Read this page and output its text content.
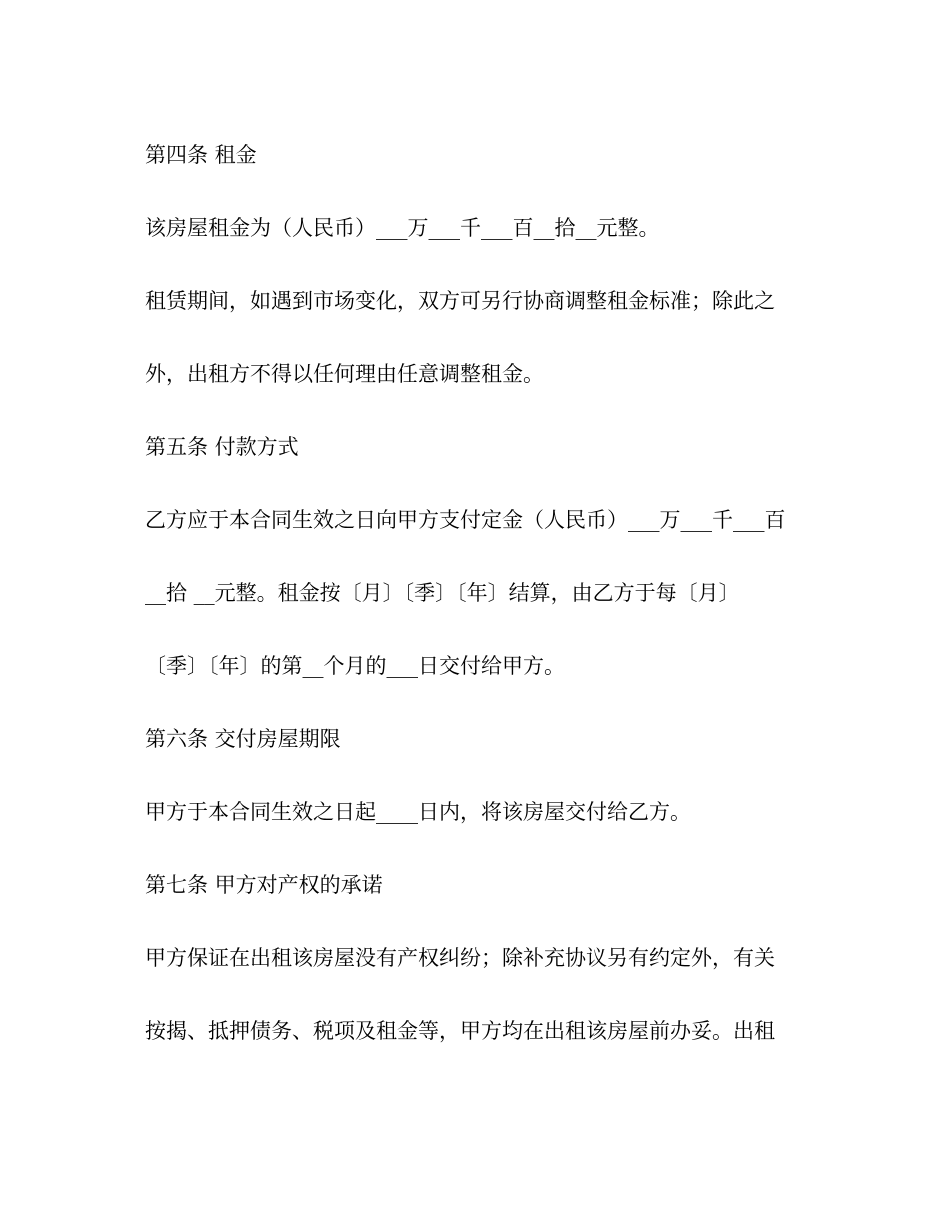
第四条 租金
该房屋租金为（人民币）___万___千___百__拾__元整。
租赁期间，如遇到市场变化，双方可另行协商调整租金标准；除此之
外，出租方不得以任何理由任意调整租金。
第五条 付款方式
乙方应于本合同生效之日向甲方支付定金（人民币）___万___千___百
__拾 __元整。租金按〔月〕〔季〕〔年〕结算，由乙方于每〔月〕
〔季〕〔年〕的第__个月的___日交付给甲方。
第六条 交付房屋期限
甲方于本合同生效之日起____日内，将该房屋交付给乙方。
第七条 甲方对产权的承诺
甲方保证在出租该房屋没有产权纠纷；除补充协议另有约定外，有关
按揭、抵押债务、税项及租金等，甲方均在出租该房屋前办妥。出租
